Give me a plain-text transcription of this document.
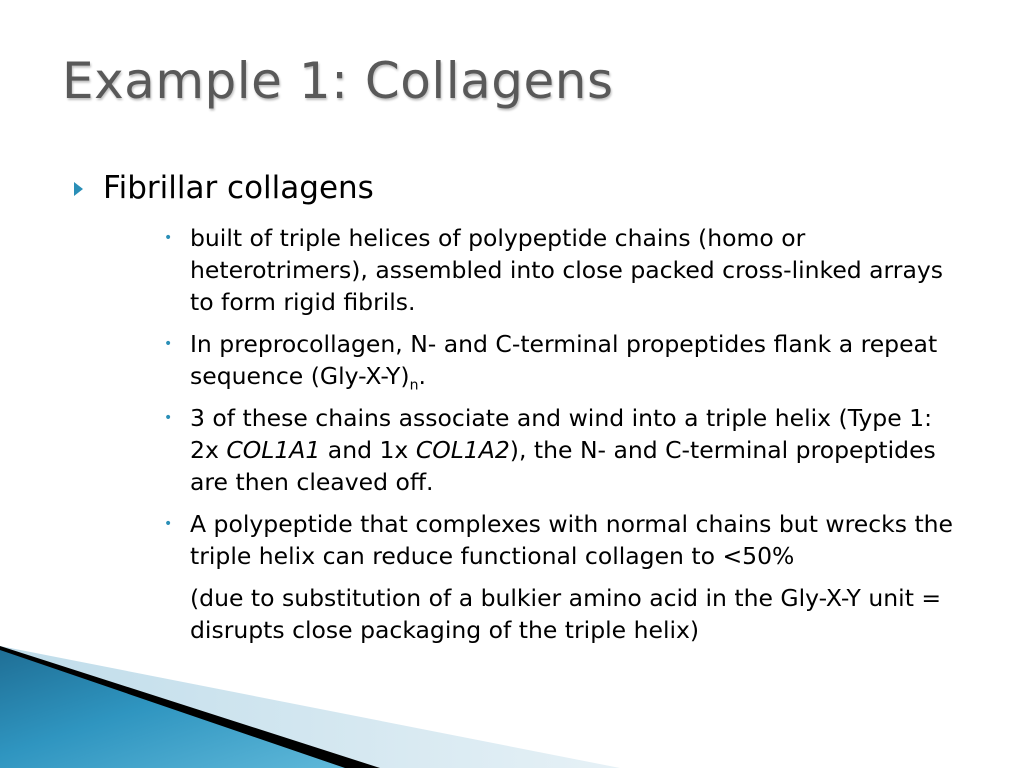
Example 1: Collagens
Fibrillar collagens
• built of triple helices of polypeptide chains (homo or heterotrimers), assembled into close packed cross-linked arrays to form rigid fibrils.
• In preprocollagen, N- and C-terminal propeptides flank a repeat sequence $(Gly-X-Y)_n$.
• 3 of these chains associate and wind into a triple helix (Type 1: 2x COL1A1 and 1x COL1A2), the N- and C-terminal propeptides are then cleaved off.
• A polypeptide that complexes with normal chains but wrecks the triple helix can reduce functional collagen to <50%
(due to substitution of a bulkier amino acid in the Gly-X-Y unit = disrupts close packaging of the triple helix)
